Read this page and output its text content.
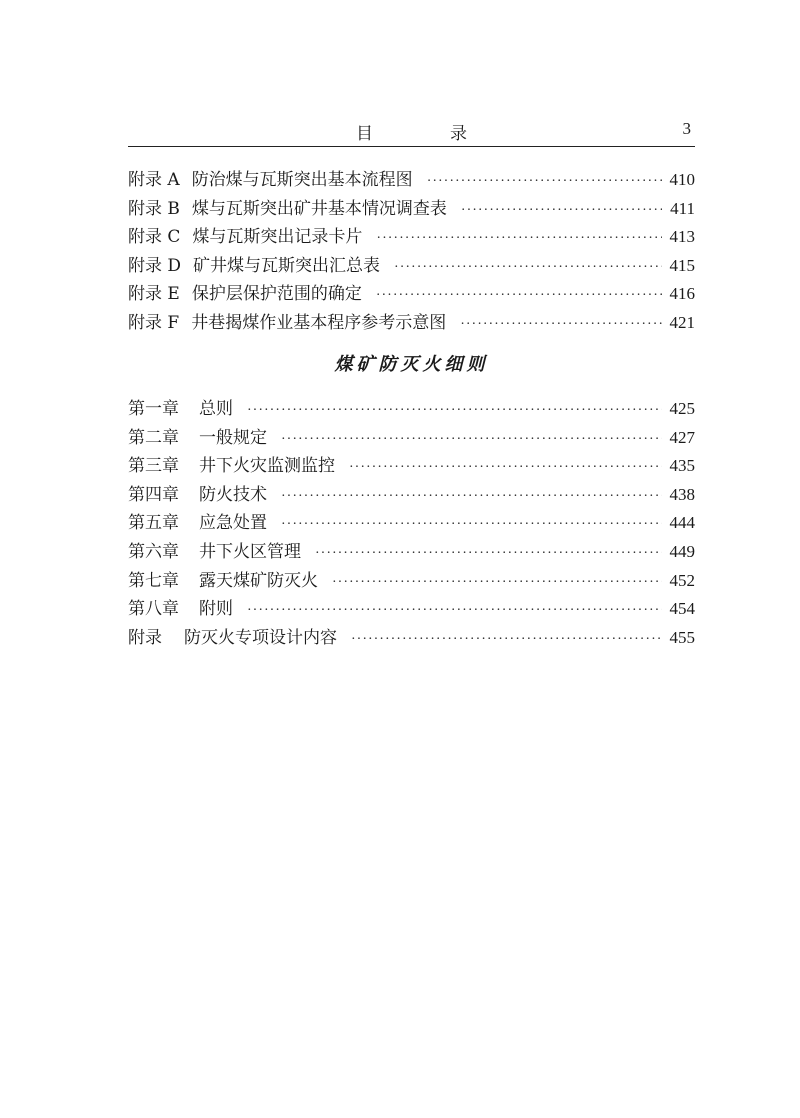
目　录	3
附录 A 防治煤与瓦斯突出基本流程图 ·····	410
附录 B 煤与瓦斯突出矿井基本情况调查表 ·····	411
附录 C 煤与瓦斯突出记录卡片 ·····	413
附录 D 矿井煤与瓦斯突出汇总表 ·····	415
附录 E 保护层保护范围的确定 ·····	416
附录 F 井巷揭煤作业基本程序参考示意图 ·····	421
煤矿防灭火细则
第一章 总则 ·····	425
第二章 一般规定 ·····	427
第三章 井下火灾监测监控 ·····	435
第四章 防火技术 ·····	438
第五章 应急处置 ·····	444
第六章 井下火区管理 ·····	449
第七章 露天煤矿防灭火 ·····	452
第八章 附则 ·····	454
附录 防灭火专项设计内容 ·····	455
